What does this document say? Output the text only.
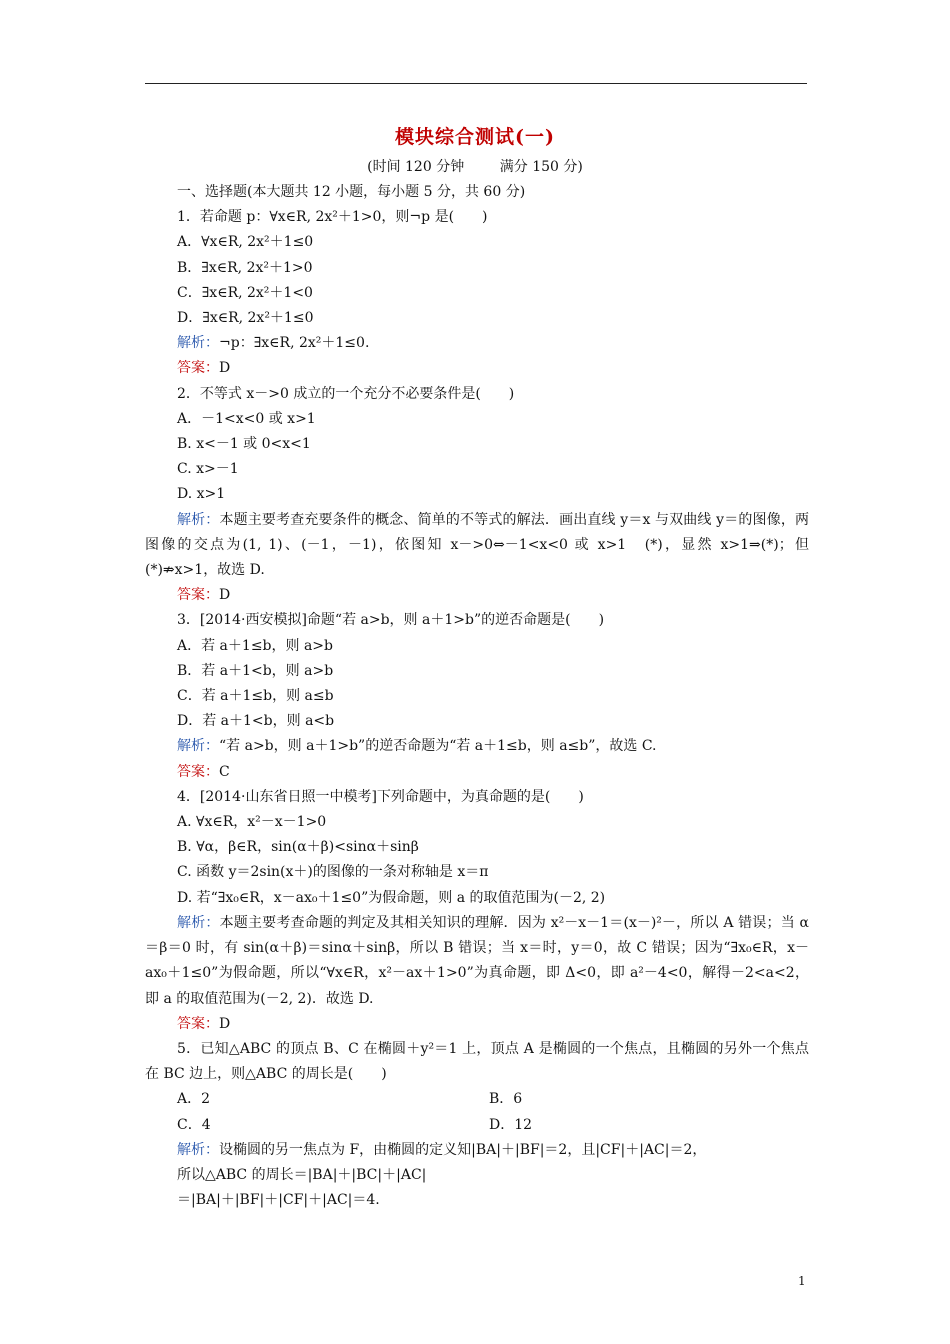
模块综合测试(一)
(时间 120 分钟        满分 150 分)

一、选择题(本大题共 12 小题，每小题 5 分，共 60 分)

1．若命题 p：∀x∈R, 2x²＋1>0，则¬p 是(　　)

A．∀x∈R, 2x²＋1≤0

B．∃x∈R, 2x²＋1>0

C．∃x∈R, 2x²＋1<0

D．∃x∈R, 2x²＋1≤0

解析：¬p：∃x∈R, 2x²＋1≤0.

答案：D

2．不等式 x－>0 成立的一个充分不必要条件是(　　)

A．－1<x<0 或 x>1

B. x<－1 或 0<x<1

C. x>－1

D. x>1

解析：本题主要考查充要条件的概念、简单的不等式的解法．画出直线 y＝x 与双曲线 y＝的图像，两图像的交点为(1, 1)、(－1，－1)，依图知 x－>0⇔－1<x<0 或 x>1　(*)，显然 x>1⇒(*)；但(*)⇏x>1，故选 D.

答案：D

3．[2014·西安模拟]命题“若 a>b，则 a＋1>b”的逆否命题是(　　)

A．若 a＋1≤b，则 a>b

B．若 a＋1<b，则 a>b

C．若 a＋1≤b，则 a≤b

D．若 a＋1<b，则 a<b

解析：“若 a>b，则 a＋1>b”的逆否命题为“若 a＋1≤b，则 a≤b”，故选 C.

答案：C

4．[2014·山东省日照一中模考]下列命题中，为真命题的是(　　)

A. ∀x∈R，x²－x－1>0

B. ∀α，β∈R，sin(α＋β)<sinα＋sinβ

C. 函数 y＝2sin(x＋)的图像的一条对称轴是 x＝π

D. 若“∃x₀∈R，x－ax₀＋1≤0”为假命题，则 a 的取值范围为(－2, 2)

解析：本题主要考查命题的判定及其相关知识的理解．因为 x²－x－1＝(x－)²－，所以 A 错误；当 α＝β＝0 时，有 sin(α＋β)＝sinα＋sinβ，所以 B 错误；当 x＝时，y＝0，故 C 错误；因为“∃x₀∈R，x－ax₀＋1≤0”为假命题，所以“∀x∈R，x²－ax＋1>0”为真命题，即 Δ<0，即 a²－4<0，解得－2<a<2，即 a 的取值范围为(－2, 2)．故选 D.

答案：D

5．已知△ABC 的顶点 B、C 在椭圆＋y²＝1 上，顶点 A 是椭圆的一个焦点，且椭圆的另外一个焦点在 BC 边上，则△ABC 的周长是(　　)

A．2	B．6
C．4	D．12

解析：设椭圆的另一焦点为 F，由椭圆的定义知|BA|＋|BF|＝2，且|CF|＋|AC|＝2，

所以△ABC 的周长＝|BA|＋|BC|＋|AC|

＝|BA|＋|BF|＋|CF|＋|AC|＝4.

1
